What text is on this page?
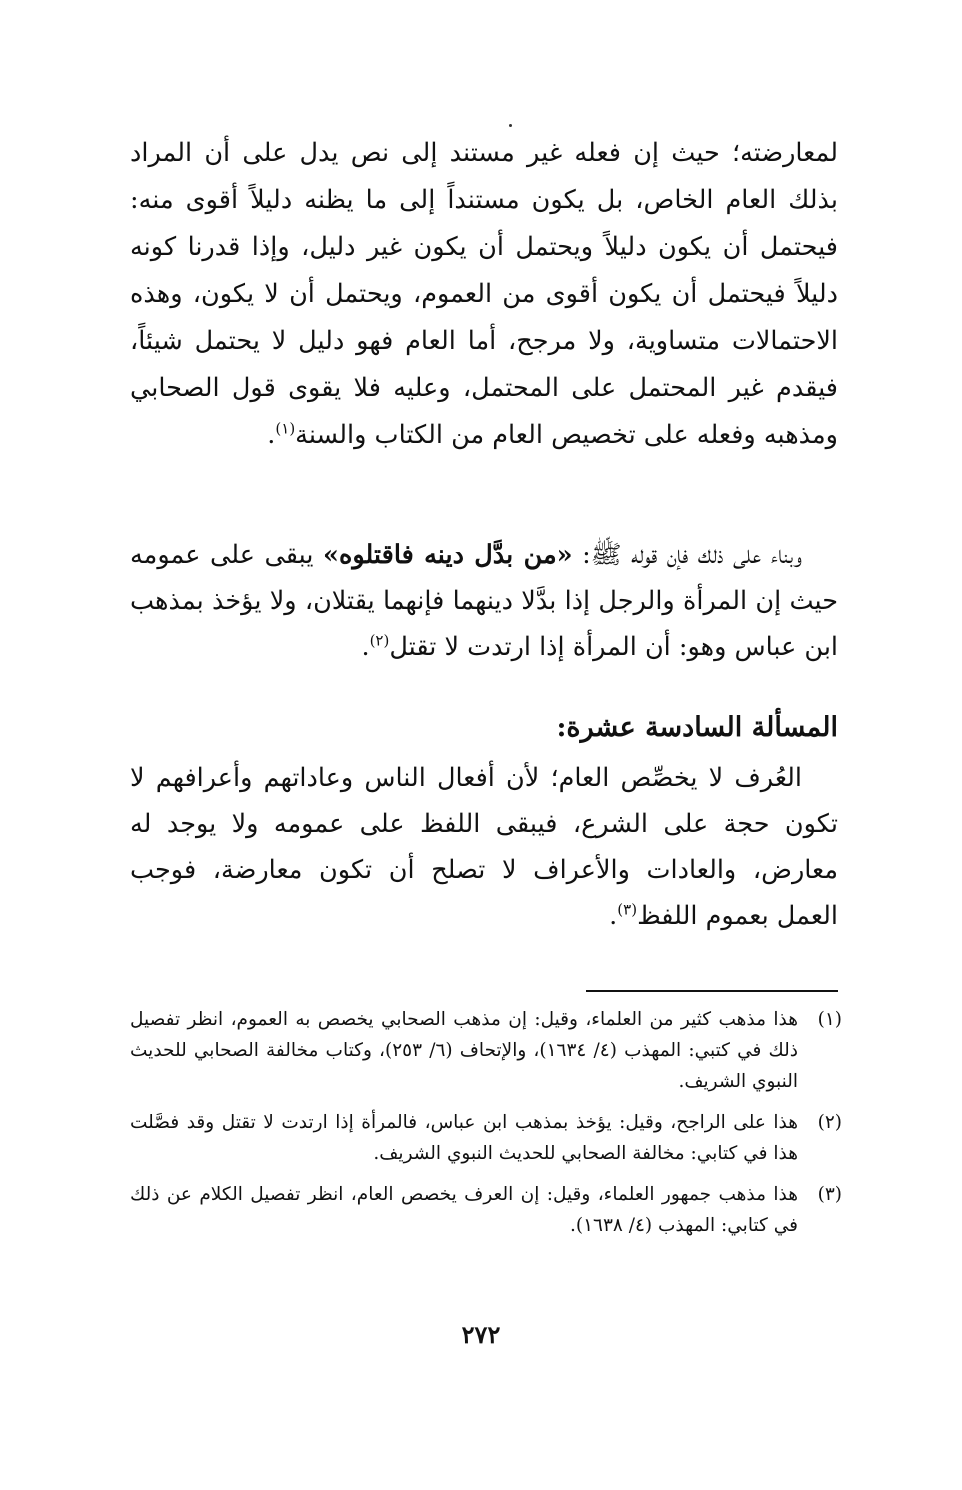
لمعارضته؛ حيث إن فعله غير مستند إلى نص يدل على أن المراد بذلك العام الخاص، بل يكون مستنداً إلى ما يظنه دليلاً أقوى منه: فيحتمل أن يكون دليلاً ويحتمل أن يكون غير دليل، وإذا قدرنا كونه دليلاً فيحتمل أن يكون أقوى من العموم، ويحتمل أن لا يكون، وهذه الاحتمالات متساوية، ولا مرجح، أما العام فهو دليل لا يحتمل شيئاً، فيقدم غير المحتمل على المحتمل، وعليه فلا يقوى قول الصحابي ومذهبه وفعله على تخصيص العام من الكتاب والسنة$^{(١)}$.
وبناء على ذلك فإن قوله ﷺ: «من بدَّل دينه فاقتلوه» يبقى على عمومه حيث إن المرأة والرجل إذا بدَّلا دينهما فإنهما يقتلان، ولا يؤخذ بمذهب ابن عباس وهو: أن المرأة إذا ارتدت لا تقتل$^{(٢)}$.
المسألة السادسة عشرة:
العُرف لا يخصِّص العام؛ لأن أفعال الناس وعاداتهم وأعرافهم لا تكون حجة على الشرع، فيبقى اللفظ على عمومه ولا يوجد له معارض، والعادات والأعراف لا تصلح أن تكون معارضة، فوجب العمل بعموم اللفظ$^{(٣)}$.
(١)
هذا مذهب كثير من العلماء، وقيل: إن مذهب الصحابي يخصص به العموم، انظر تفصيل ذلك في كتبي: المهذب (٤/ ١٦٣٤)، والإتحاف (٦/ ٢٥٣)، وكتاب مخالفة الصحابي للحديث النبوي الشريف.
(٢)
هذا على الراجح، وقيل: يؤخذ بمذهب ابن عباس، فالمرأة إذا ارتدت لا تقتل وقد فصَّلت هذا في كتابي: مخالفة الصحابي للحديث النبوي الشريف.
(٣)
هذا مذهب جمهور العلماء، وقيل: إن العرف يخصص العام، انظر تفصيل الكلام عن ذلك في كتابي: المهذب (٤/ ١٦٣٨).
٢٧٢
